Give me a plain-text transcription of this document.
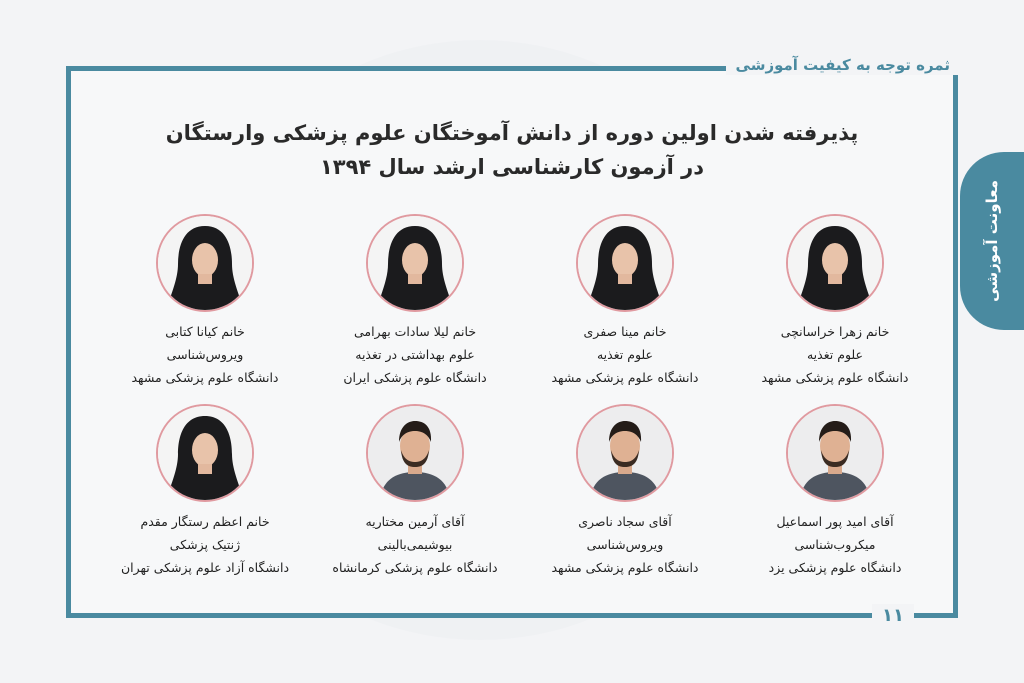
ثمره توجه به کیفیت آموزشی
معاونت آموزشی
۱۱
پذیرفته شدن اولین دوره از دانش آموختگان علوم پزشکی وارستگان
در آزمون کارشناسی ارشد سال ۱۳۹۴
خانم زهرا خراسانچی
علوم تغذیه
دانشگاه علوم پزشکی مشهد
خانم مینا صفری
علوم تغذیه
دانشگاه علوم پزشکی مشهد
خانم لیلا سادات بهرامی
علوم بهداشتی در تغذیه
دانشگاه علوم پزشکی ایران
خانم کیانا کتابی
ویروس‌شناسی
دانشگاه علوم پزشکی مشهد
آقای امید پور اسماعیل
میکروب‌شناسی
دانشگاه علوم پزشکی یزد
آقای سجاد ناصری
ویروس‌شناسی
دانشگاه علوم پزشکی مشهد
آقای آرمین مختاریه
بیوشیمی‌بالینی
دانشگاه علوم پزشکی کرمانشاه
خانم اعظم رستگار مقدم
ژنتیک پزشکی
دانشگاه آزاد علوم پزشکی تهران
